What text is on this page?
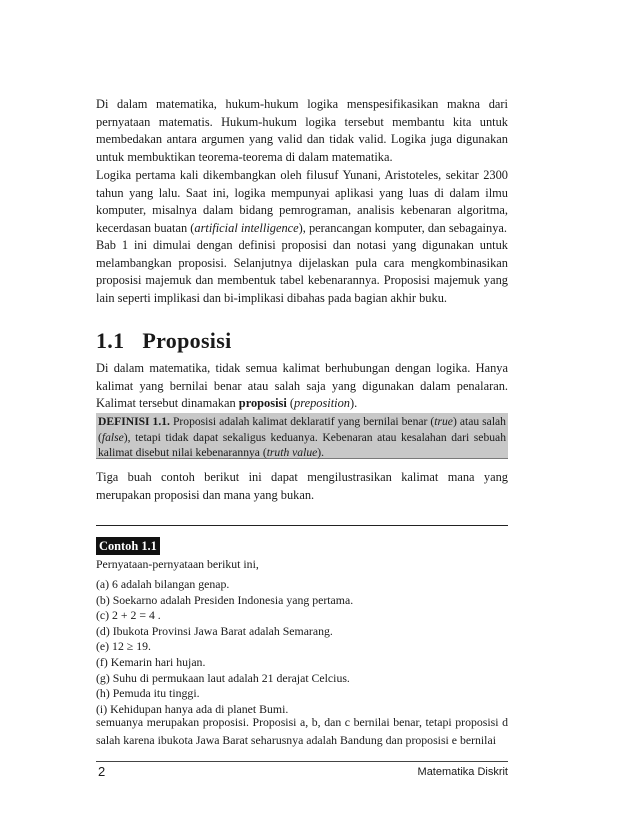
Di dalam matematika, hukum-hukum logika menspesifikasikan makna dari pernyataan matematis. Hukum-hukum logika tersebut membantu kita untuk membedakan antara argumen yang valid dan tidak valid. Logika juga digunakan untuk membuktikan teorema-teorema di dalam matematika.

Logika pertama kali dikembangkan oleh filusuf Yunani, Aristoteles, sekitar 2300 tahun yang lalu. Saat ini, logika mempunyai aplikasi yang luas di dalam ilmu komputer, misalnya dalam bidang pemrograman, analisis kebenaran algoritma, kecerdasan buatan (artificial intelligence), perancangan komputer, dan sebagainya.

Bab 1 ini dimulai dengan definisi proposisi dan notasi yang digunakan untuk melambangkan proposisi. Selanjutnya dijelaskan pula cara mengkombinasikan proposisi majemuk dan membentuk tabel kebenarannya. Proposisi majemuk yang lain seperti implikasi dan bi-implikasi dibahas pada bagian akhir buku.

1.1 Proposisi

Di dalam matematika, tidak semua kalimat berhubungan dengan logika. Hanya kalimat yang bernilai benar atau salah saja yang digunakan dalam penalaran. Kalimat tersebut dinamakan proposisi (preposition).

DEFINISI 1.1. Proposisi adalah kalimat deklaratif yang bernilai benar (true) atau salah (false), tetapi tidak dapat sekaligus keduanya. Kebenaran atau kesalahan dari sebuah kalimat disebut nilai kebenarannya (truth value).

Tiga buah contoh berikut ini dapat mengilustrasikan kalimat mana yang merupakan proposisi dan mana yang bukan.

Contoh 1.1

Pernyataan-pernyataan berikut ini,

(a) 6 adalah bilangan genap.
(b) Soekarno adalah Presiden Indonesia yang pertama.
(c) 2 + 2 = 4 .
(d) Ibukota Provinsi Jawa Barat adalah Semarang.
(e) 12 ≥ 19.
(f) Kemarin hari hujan.
(g) Suhu di permukaan laut adalah 21 derajat Celcius.
(h) Pemuda itu tinggi.
(i) Kehidupan hanya ada di planet Bumi.

semuanya merupakan proposisi. Proposisi a, b, dan c bernilai benar, tetapi proposisi d salah karena ibukota Jawa Barat seharusnya adalah Bandung dan proposisi e bernilai

2	Matematika Diskrit
